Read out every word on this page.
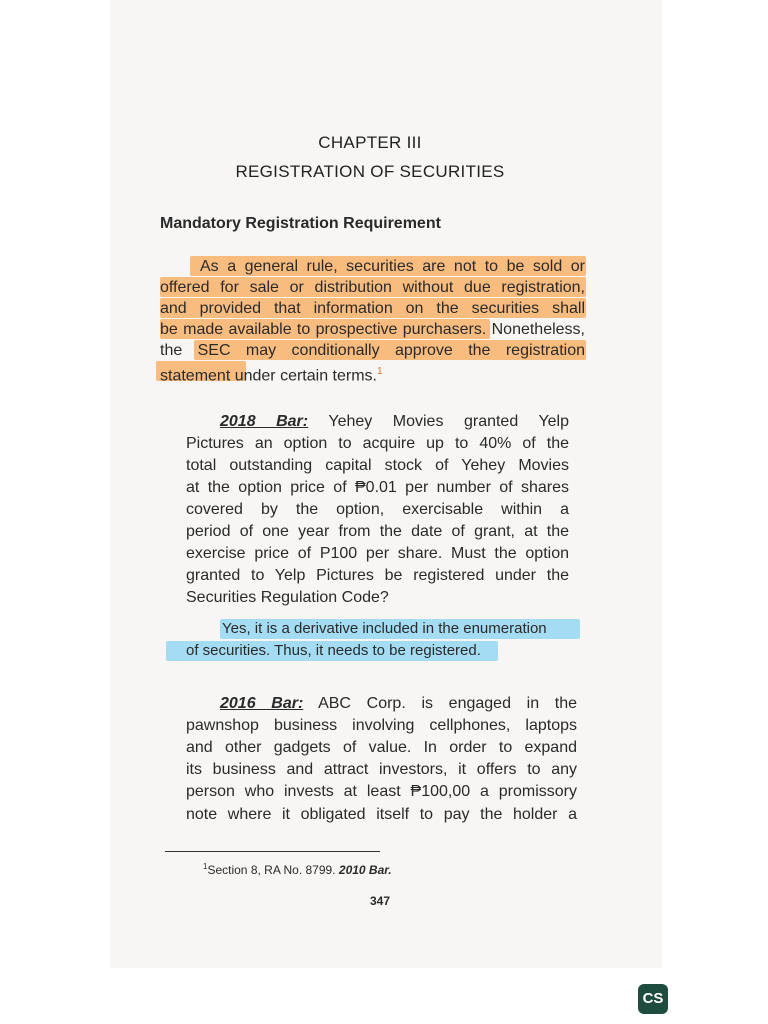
CHAPTER III
REGISTRATION OF SECURITIES
Mandatory Registration Requirement
As a general rule, securities are not to be sold or
offered for sale or distribution without due registration,
and provided that information on the securities shall
be made available to prospective purchasers. Nonetheless,
the SEC may conditionally approve the registration
statement under certain terms.$^1$
2018 Bar: Yehey Movies granted Yelp
Pictures an option to acquire up to 40% of the
total outstanding capital stock of Yehey Movies
at the option price of ₱0.01 per number of shares
covered by the option, exercisable within a
period of one year from the date of grant, at the
exercise price of P100 per share. Must the option
granted to Yelp Pictures be registered under the
Securities Regulation Code?
Yes, it is a derivative included in the enumeration
of securities. Thus, it needs to be registered.
2016 Bar: ABC Corp. is engaged in the
pawnshop business involving cellphones, laptops
and other gadgets of value. In order to expand
its business and attract investors, it offers to any
person who invests at least ₱100,00 a promissory
note where it obligated itself to pay the holder a
$^1$Section 8, RA No. 8799. 2010 Bar.
347
CS
